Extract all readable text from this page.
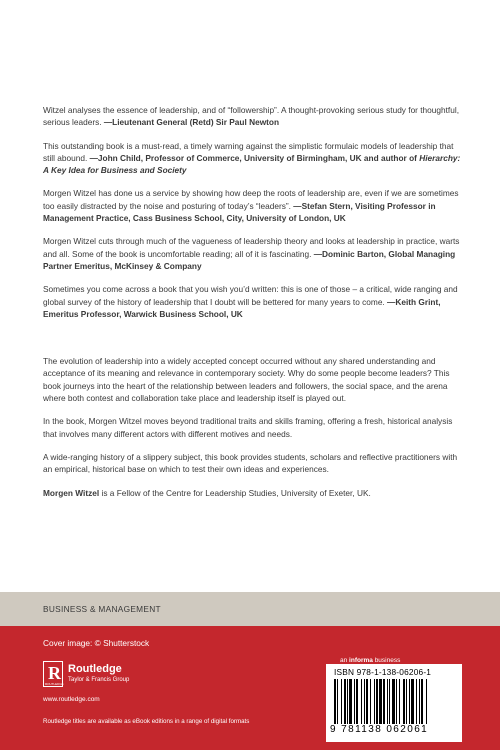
Witzel analyses the essence of leadership, and of “followership”. A thought-provoking serious study for thoughtful, serious leaders. —Lieutenant General (Retd) Sir Paul Newton

This outstanding book is a must-read, a timely warning against the simplistic formulaic models of leadership that still abound. —John Child, Professor of Commerce, University of Birmingham, UK and author of Hierarchy: A Key Idea for Business and Society

Morgen Witzel has done us a service by showing how deep the roots of leadership are, even if we are sometimes too easily distracted by the noise and posturing of today’s “leaders”. —Stefan Stern, Visiting Professor in Management Practice, Cass Business School, City, University of London, UK

Morgen Witzel cuts through much of the vagueness of leadership theory and looks at leadership in practice, warts and all. Some of the book is uncomfortable reading; all of it is fascinating. —Dominic Barton, Global Managing Partner Emeritus, McKinsey & Company

Sometimes you come across a book that you wish you’d written: this is one of those – a critical, wide ranging and global survey of the history of leadership that I doubt will be bettered for many years to come. —Keith Grint, Emeritus Professor, Warwick Business School, UK

The evolution of leadership into a widely accepted concept occurred without any shared understanding and acceptance of its meaning and relevance in contemporary society. Why do some people become leaders? This book journeys into the heart of the relationship between leaders and followers, the social space, and the arena where both contest and collaboration take place and leadership itself is played out.

In the book, Morgen Witzel moves beyond traditional traits and skills framing, offering a fresh, historical analysis that involves many different actors with different motives and needs.

A wide-ranging history of a slippery subject, this book provides students, scholars and reflective practitioners with an empirical, historical base on which to test their own ideas and experiences.

Morgen Witzel is a Fellow of the Centre for Leadership Studies, University of Exeter, UK.

BUSINESS & MANAGEMENT
Cover image: © Shutterstock
R
ROUTLEDGE
Routledge
Taylor & Francis Group
www.routledge.com
Routledge titles are available as eBook editions in a range of digital formats
an informa business
ISBN 978-1-138-06206-1
9 781138 062061
